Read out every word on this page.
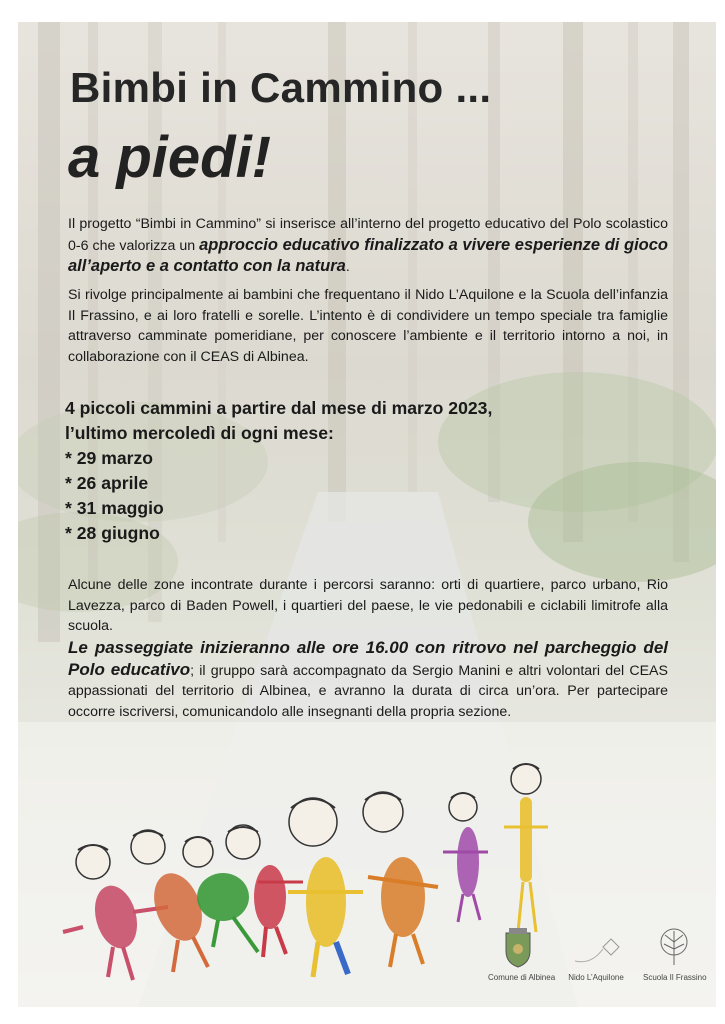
Bimbi in Cammino ...
a piedi!

Il progetto “Bimbi in Cammino” si inserisce all’interno del progetto educativo del Polo scolastico 0-6 che valorizza un approccio educativo finalizzato a vivere esperienze di gioco all’aperto e a contatto con la natura.

Si rivolge principalmente ai bambini che frequentano il Nido L’Aquilone e la Scuola dell’infanzia Il Frassino, e ai loro fratelli e sorelle. L’intento è di condividere un tempo speciale tra famiglie attraverso camminate pomeridiane, per conoscere l’ambiente e il territorio intorno a noi, in collaborazione con il CEAS di Albinea.

4 piccoli cammini a partire dal mese di marzo 2023,
l’ultimo mercoledì di ogni mese:
* 29 marzo
* 26 aprile
* 31 maggio
* 28 giugno

Alcune delle zone incontrate durante i percorsi saranno: orti di quartiere, parco urbano, Rio Lavezza, parco di Baden Powell, i quartieri del paese, le vie pedonabili e ciclabili limitrofe alla scuola.

Le passeggiate inizieranno alle ore 16.00 con ritrovo nel parcheggio del Polo educativo; il gruppo sarà accompagnato da Sergio Manini e altri volontari del CEAS appassionati del territorio di Albinea, e avranno la durata di circa un’ora. Per partecipare occorre iscriversi, comunicandolo alle insegnanti della propria sezione.

Comune di Albinea Nido L’Aquilone Scuola Il Frassino
